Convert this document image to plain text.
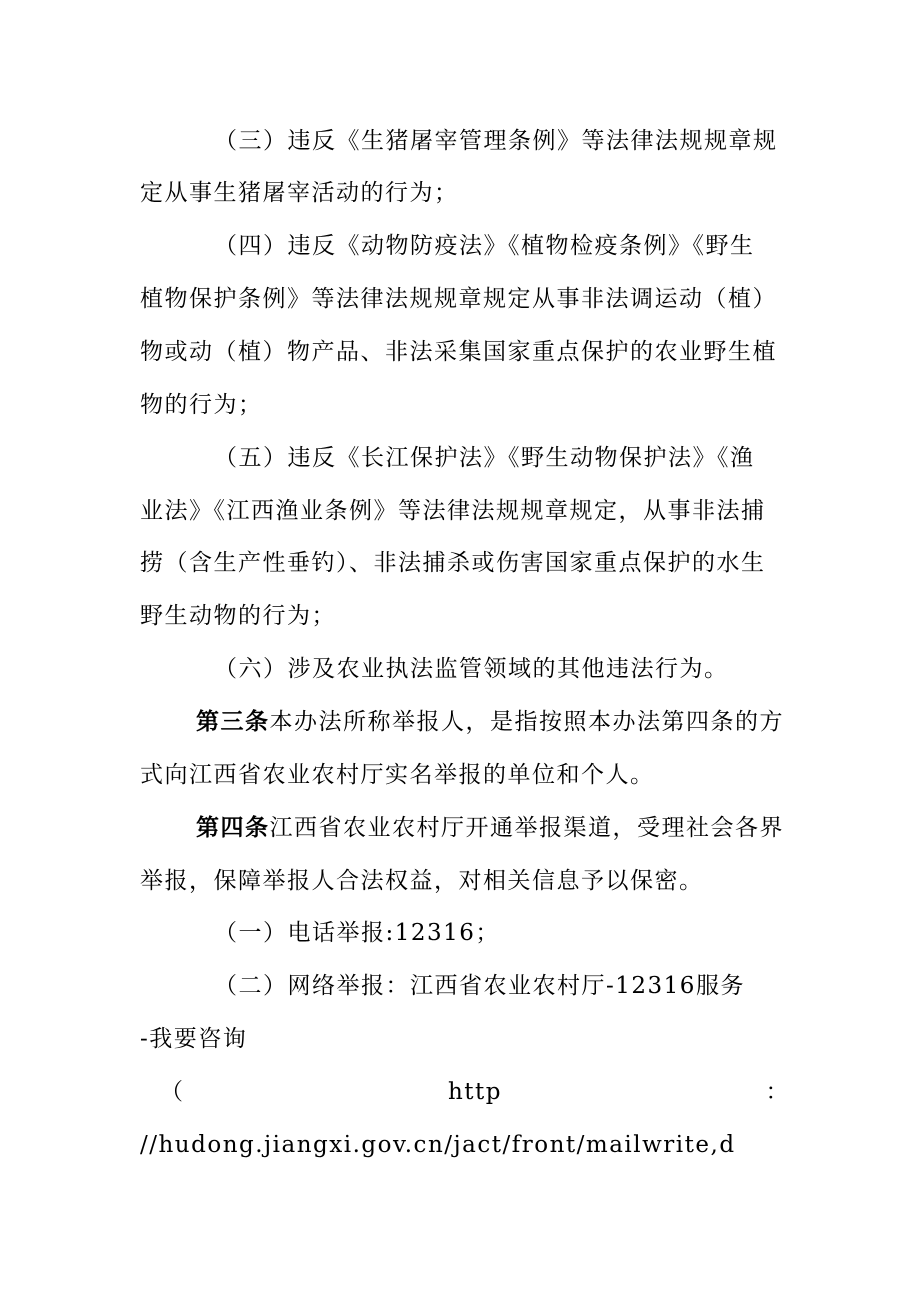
（三）违反《生猪屠宰管理条例》等法律法规规章规
定从事生猪屠宰活动的行为；
（四）违反《动物防疫法》《植物检疫条例》《野生
植物保护条例》等法律法规规章规定从事非法调运动（植）
物或动（植）物产品、非法采集国家重点保护的农业野生植
物的行为；
（五）违反《长江保护法》《野生动物保护法》《渔
业法》《江西渔业条例》等法律法规规章规定，从事非法捕
捞（含生产性垂钓）、非法捕杀或伤害国家重点保护的水生
野生动物的行为；
（六）涉及农业执法监管领域的其他违法行为。
第三条本办法所称举报人，是指按照本办法第四条的方
式向江西省农业农村厅实名举报的单位和个人。
第四条江西省农业农村厅开通举报渠道，受理社会各界
举报，保障举报人合法权益，对相关信息予以保密。
（一）电话举报:12316；
（二）网络举报：江西省农业农村厅-12316服务
-我要咨询
（	http	：
//hudong.jiangxi.gov.cn/jact/front/mailwrite,d
